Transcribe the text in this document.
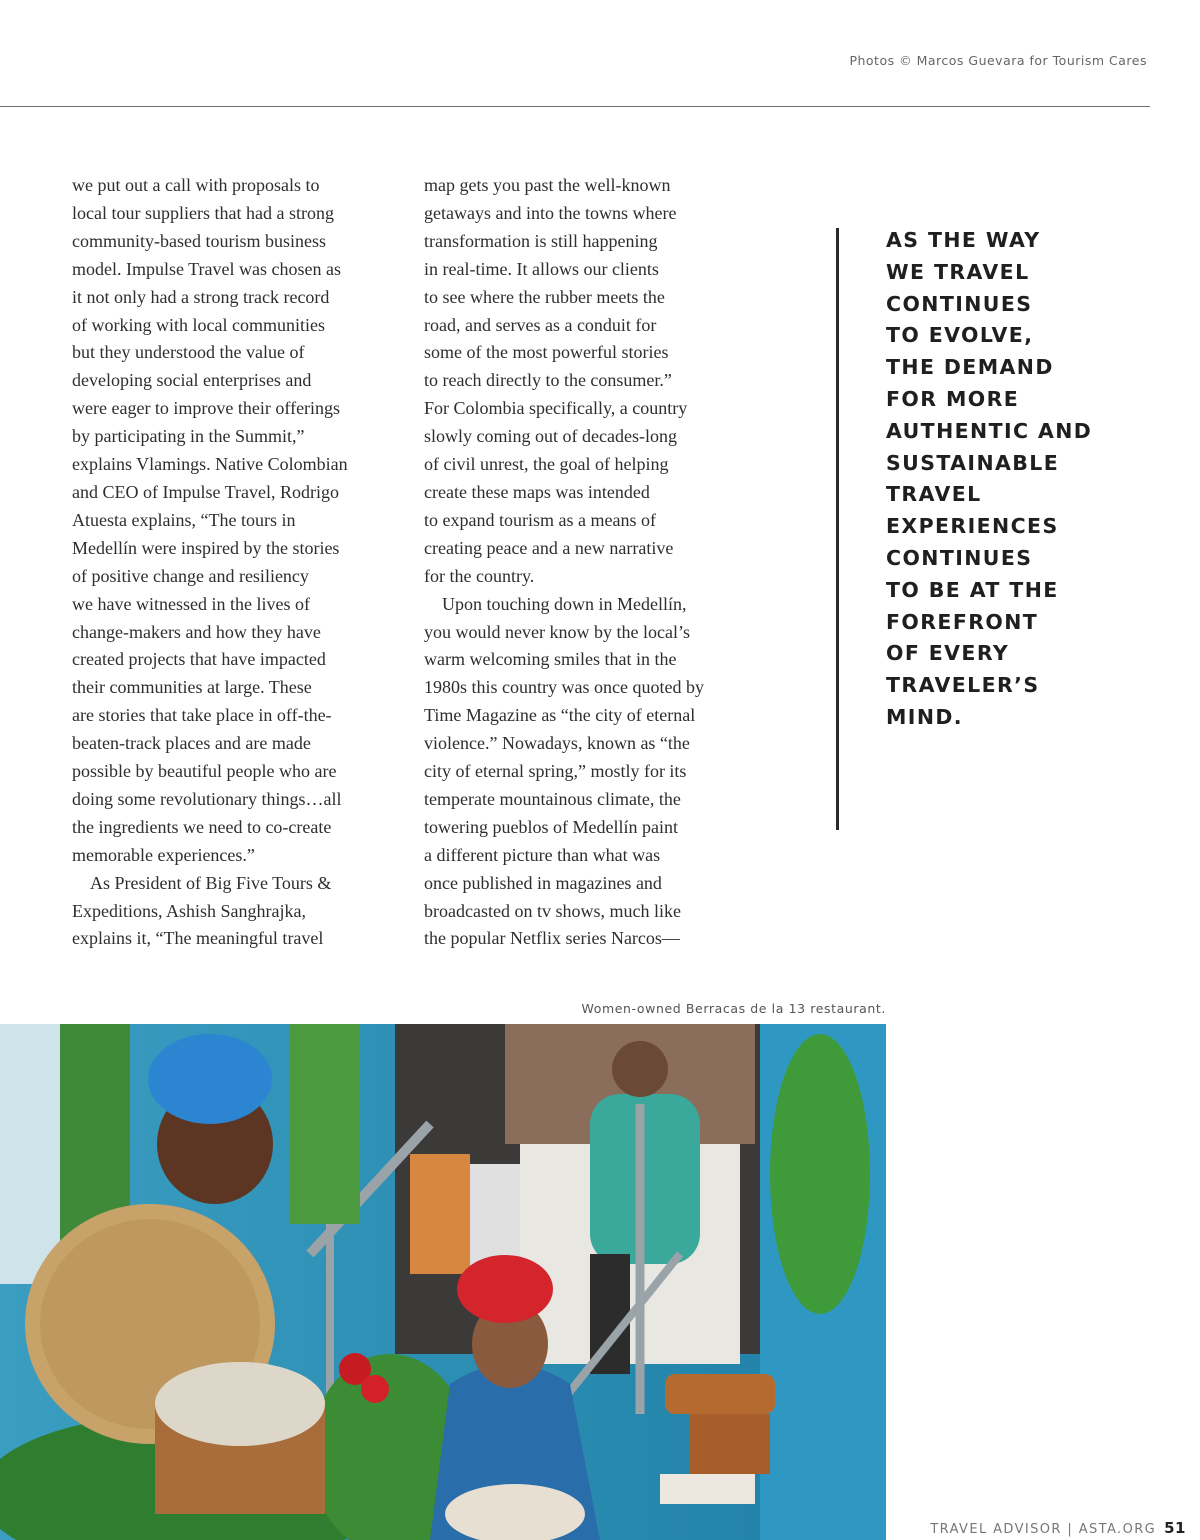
Photos © Marcos Guevara for Tourism Cares
we put out a call with proposals to
local tour suppliers that had a strong
community-based tourism business
model. Impulse Travel was chosen as
it not only had a strong track record
of working with local communities
but they understood the value of
developing social enterprises and
were eager to improve their offerings
by participating in the Summit,”
explains Vlamings. Native Colombian
and CEO of Impulse Travel, Rodrigo
Atuesta explains, “The tours in
Medellín were inspired by the stories
of positive change and resiliency
we have witnessed in the lives of
change-makers and how they have
created projects that have impacted
their communities at large. These
are stories that take place in off-the-
beaten-track places and are made
possible by beautiful people who are
doing some revolutionary things…all
the ingredients we need to co-create
memorable experiences.”
As President of Big Five Tours &
Expeditions, Ashish Sanghrajka,
explains it, “The meaningful travel
map gets you past the well-known
getaways and into the towns where
transformation is still happening
in real-time. It allows our clients
to see where the rubber meets the
road, and serves as a conduit for
some of the most powerful stories
to reach directly to the consumer.”
For Colombia specifically, a country
slowly coming out of decades-long
of civil unrest, the goal of helping
create these maps was intended
to expand tourism as a means of
creating peace and a new narrative
for the country.
Upon touching down in Medellín,
you would never know by the local’s
warm welcoming smiles that in the
1980s this country was once quoted by
Time Magazine as “the city of eternal
violence.” Nowadays, known as “the
city of eternal spring,” mostly for its
temperate mountainous climate, the
towering pueblos of Medellín paint
a different picture than what was
once published in magazines and
broadcasted on tv shows, much like
the popular Netflix series Narcos—
AS THE WAY
WE TRAVEL
CONTINUES
TO EVOLVE,
THE DEMAND
FOR MORE
AUTHENTIC AND
SUSTAINABLE
TRAVEL
EXPERIENCES
CONTINUES
TO BE AT THE
FOREFRONT
OF EVERY
TRAVELER’S
MIND.
Women-owned Berracas de la 13 restaurant.
TRAVEL ADVISOR | ASTA.ORG 51
